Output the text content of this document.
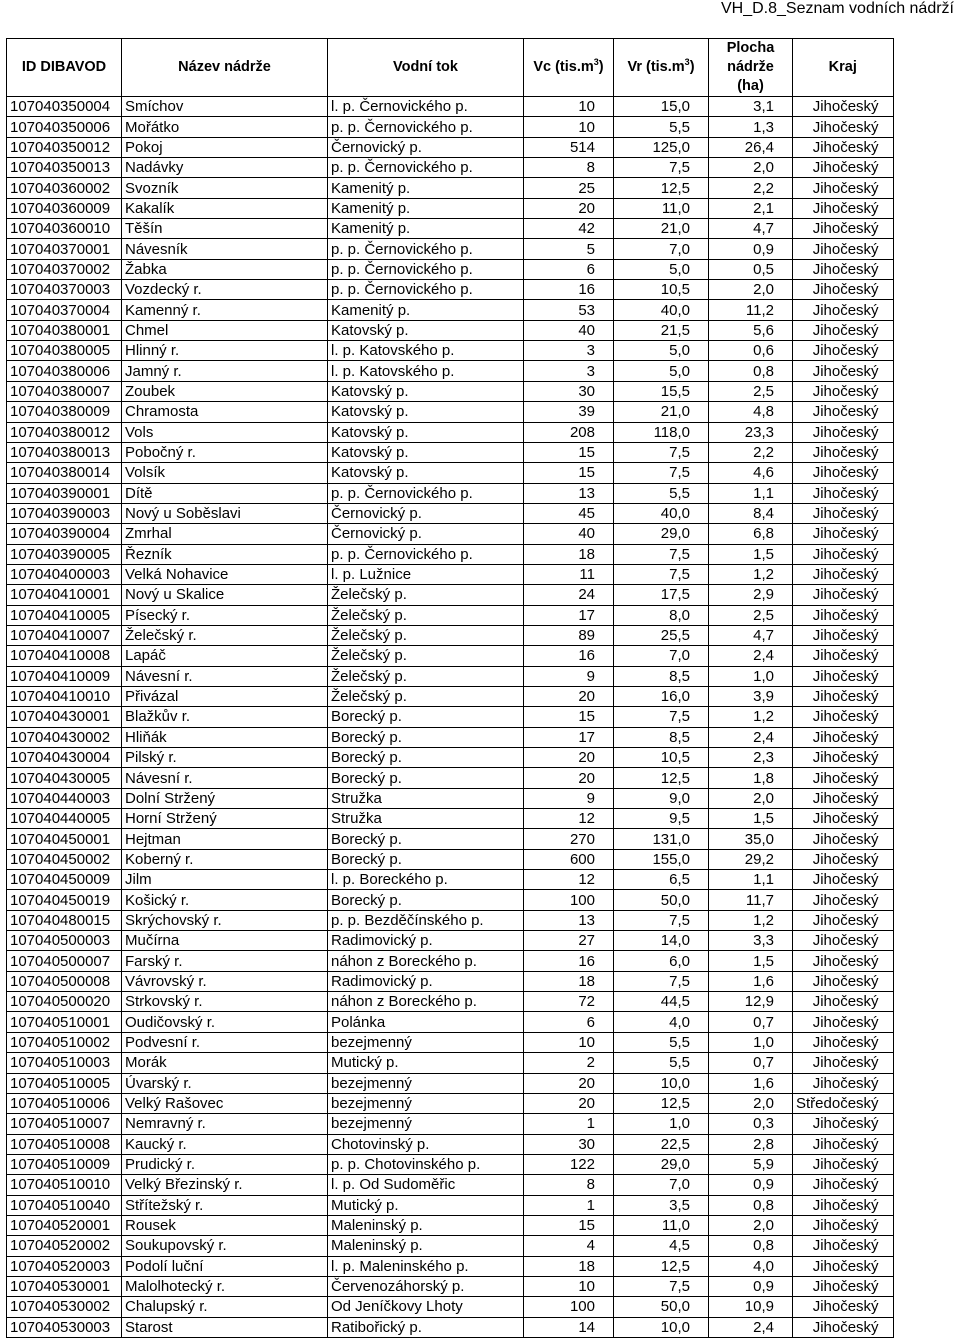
VH_D.8_Seznam vodních nádrží
ID DIBAVOD	Název nádrže	Vodní tok	Vc $(tis.m^3)$	Vr $(tis.m^3)$	Plocha
nádrže
(ha)	Kraj
107040350004	Smíchov	l. p. Černovického p.	10	15,0	3,1	Jihočeský
107040350006	Mořátko	p. p. Černovického p.	10	5,5	1,3	Jihočeský
107040350012	Pokoj	Černovický p.	514	125,0	26,4	Jihočeský
107040350013	Nadávky	p. p. Černovického p.	8	7,5	2,0	Jihočeský
107040360002	Svozník	Kamenitý p.	25	12,5	2,2	Jihočeský
107040360009	Kakalík	Kamenitý p.	20	11,0	2,1	Jihočeský
107040360010	Těšín	Kamenitý p.	42	21,0	4,7	Jihočeský
107040370001	Návesník	p. p. Černovického p.	5	7,0	0,9	Jihočeský
107040370002	Žabka	p. p. Černovického p.	6	5,0	0,5	Jihočeský
107040370003	Vozdecký r.	p. p. Černovického p.	16	10,5	2,0	Jihočeský
107040370004	Kamenný r.	Kamenitý p.	53	40,0	11,2	Jihočeský
107040380001	Chmel	Katovský p.	40	21,5	5,6	Jihočeský
107040380005	Hlinný r.	l. p. Katovského p.	3	5,0	0,6	Jihočeský
107040380006	Jamný r.	l. p. Katovského p.	3	5,0	0,8	Jihočeský
107040380007	Zoubek	Katovský p.	30	15,5	2,5	Jihočeský
107040380009	Chramosta	Katovský p.	39	21,0	4,8	Jihočeský
107040380012	Vols	Katovský p.	208	118,0	23,3	Jihočeský
107040380013	Pobočný r.	Katovský p.	15	7,5	2,2	Jihočeský
107040380014	Volsík	Katovský p.	15	7,5	4,6	Jihočeský
107040390001	Dítě	p. p. Černovického p.	13	5,5	1,1	Jihočeský
107040390003	Nový u Soběslavi	Černovický p.	45	40,0	8,4	Jihočeský
107040390004	Zmrhal	Černovický p.	40	29,0	6,8	Jihočeský
107040390005	Řezník	p. p. Černovického p.	18	7,5	1,5	Jihočeský
107040400003	Velká Nohavice	l. p. Lužnice	11	7,5	1,2	Jihočeský
107040410001	Nový u Skalice	Želečský p.	24	17,5	2,9	Jihočeský
107040410005	Písecký r.	Želečský p.	17	8,0	2,5	Jihočeský
107040410007	Želečský r.	Želečský p.	89	25,5	4,7	Jihočeský
107040410008	Lapáč	Želečský p.	16	7,0	2,4	Jihočeský
107040410009	Návesní r.	Želečský p.	9	8,5	1,0	Jihočeský
107040410010	Přivázal	Želečský p.	20	16,0	3,9	Jihočeský
107040430001	Blažkův r.	Borecký p.	15	7,5	1,2	Jihočeský
107040430002	Hliňák	Borecký p.	17	8,5	2,4	Jihočeský
107040430004	Pilský r.	Borecký p.	20	10,5	2,3	Jihočeský
107040430005	Návesní r.	Borecký p.	20	12,5	1,8	Jihočeský
107040440003	Dolní Stržený	Stružka	9	9,0	2,0	Jihočeský
107040440005	Horní Stržený	Stružka	12	9,5	1,5	Jihočeský
107040450001	Hejtman	Borecký p.	270	131,0	35,0	Jihočeský
107040450002	Koberný r.	Borecký p.	600	155,0	29,2	Jihočeský
107040450009	Jilm	l. p. Boreckého p.	12	6,5	1,1	Jihočeský
107040450019	Košický r.	Borecký p.	100	50,0	11,7	Jihočeský
107040480015	Skrýchovský r.	p. p. Bezděčínského p.	13	7,5	1,2	Jihočeský
107040500003	Mučírna	Radimovický p.	27	14,0	3,3	Jihočeský
107040500007	Farský r.	náhon z Boreckého p.	16	6,0	1,5	Jihočeský
107040500008	Vávrovský r.	Radimovický p.	18	7,5	1,6	Jihočeský
107040500020	Strkovský r.	náhon z Boreckého p.	72	44,5	12,9	Jihočeský
107040510001	Oudičovský r.	Polánka	6	4,0	0,7	Jihočeský
107040510002	Podvesní r.	bezejmenný	10	5,5	1,0	Jihočeský
107040510003	Morák	Mutický p.	2	5,5	0,7	Jihočeský
107040510005	Úvarský r.	bezejmenný	20	10,0	1,6	Jihočeský
107040510006	Velký Rašovec	bezejmenný	20	12,5	2,0	Středočeský
107040510007	Nemravný r.	bezejmenný	1	1,0	0,3	Jihočeský
107040510008	Kaucký r.	Chotovinský p.	30	22,5	2,8	Jihočeský
107040510009	Prudický r.	p. p. Chotovinského p.	122	29,0	5,9	Jihočeský
107040510010	Velký Březinský r.	l. p. Od Sudoměřic	8	7,0	0,9	Jihočeský
107040510040	Střítežský r.	Mutický p.	1	3,5	0,8	Jihočeský
107040520001	Rousek	Maleninský p.	15	11,0	2,0	Jihočeský
107040520002	Soukupovský r.	Maleninský p.	4	4,5	0,8	Jihočeský
107040520003	Podolí luční	l. p. Maleninského p.	18	12,5	4,0	Jihočeský
107040530001	Malolhotecký r.	Červenozáhorský p.	10	7,5	0,9	Jihočeský
107040530002	Chalupský r.	Od Jeníčkovy Lhoty	100	50,0	10,9	Jihočeský
107040530003	Starost	Ratibořický p.	14	10,0	2,4	Jihočeský
